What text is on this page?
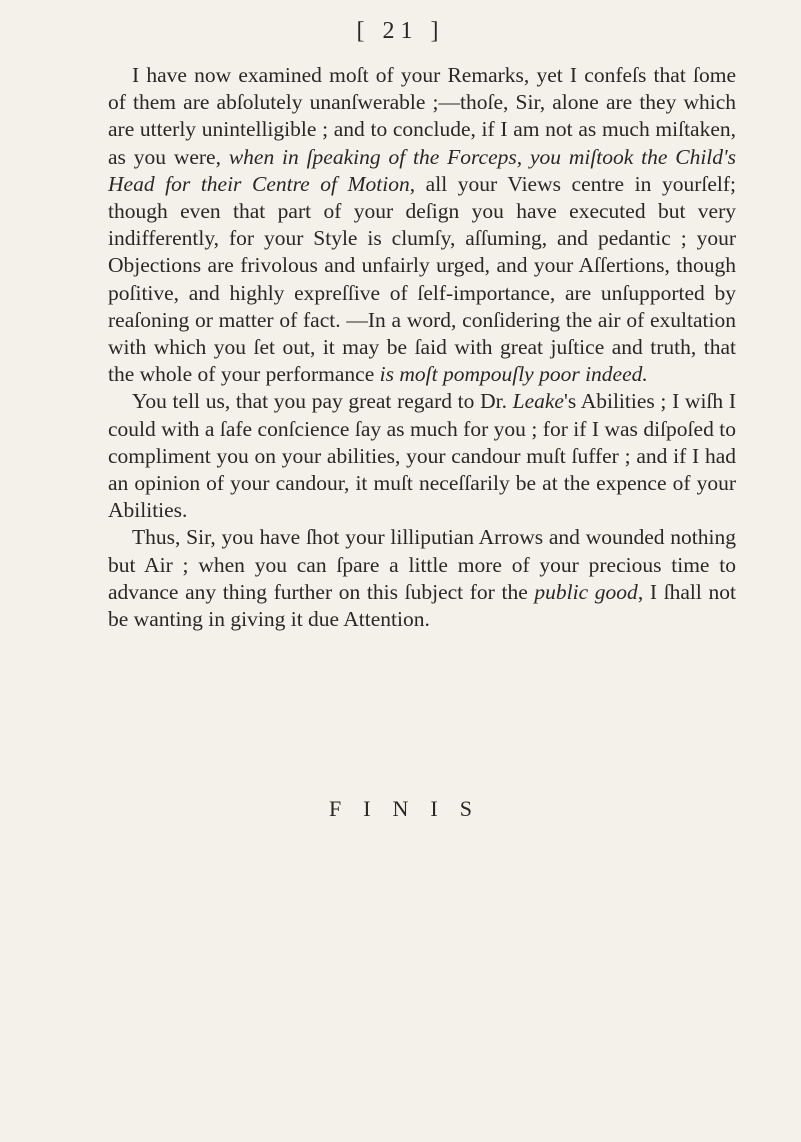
[ 21 ]

I have now examined moſt of your Remarks, yet I confeſs that ſome of them are abſolutely unanſwerable ;—thoſe, Sir, alone are they which are utterly unintelligible ; and to conclude, if I am not as much miſtaken, as you were, when in ſpeaking of the Forceps, you miſtook the Child's Head for their Centre of Motion, all your Views centre in yourſelf; though even that part of your deſign you have executed but very indifferently, for your Style is clumſy, aſſuming, and pedantic ; your Objections are frivolous and unfairly urged, and your Aſſertions, though poſitive, and highly expreſſive of ſelf-importance, are unſupported by reaſoning or matter of fact. —In a word, conſidering the air of exultation with which you ſet out, it may be ſaid with great juſtice and truth, that the whole of your performance is moſt pompouſly poor indeed.

You tell us, that you pay great regard to Dr. Leake's Abilities ; I wiſh I could with a ſafe conſcience ſay as much for you ; for if I was diſpoſed to compliment you on your abilities, your candour muſt ſuffer ; and if I had an opinion of your candour, it muſt neceſſarily be at the expence of your Abilities.

Thus, Sir, you have ſhot your lilliputian Arrows and wounded nothing but Air ; when you can ſpare a little more of your precious time to advance any thing further on this ſubject for the public good, I ſhall not be wanting in giving it due Attention.

FINIS
